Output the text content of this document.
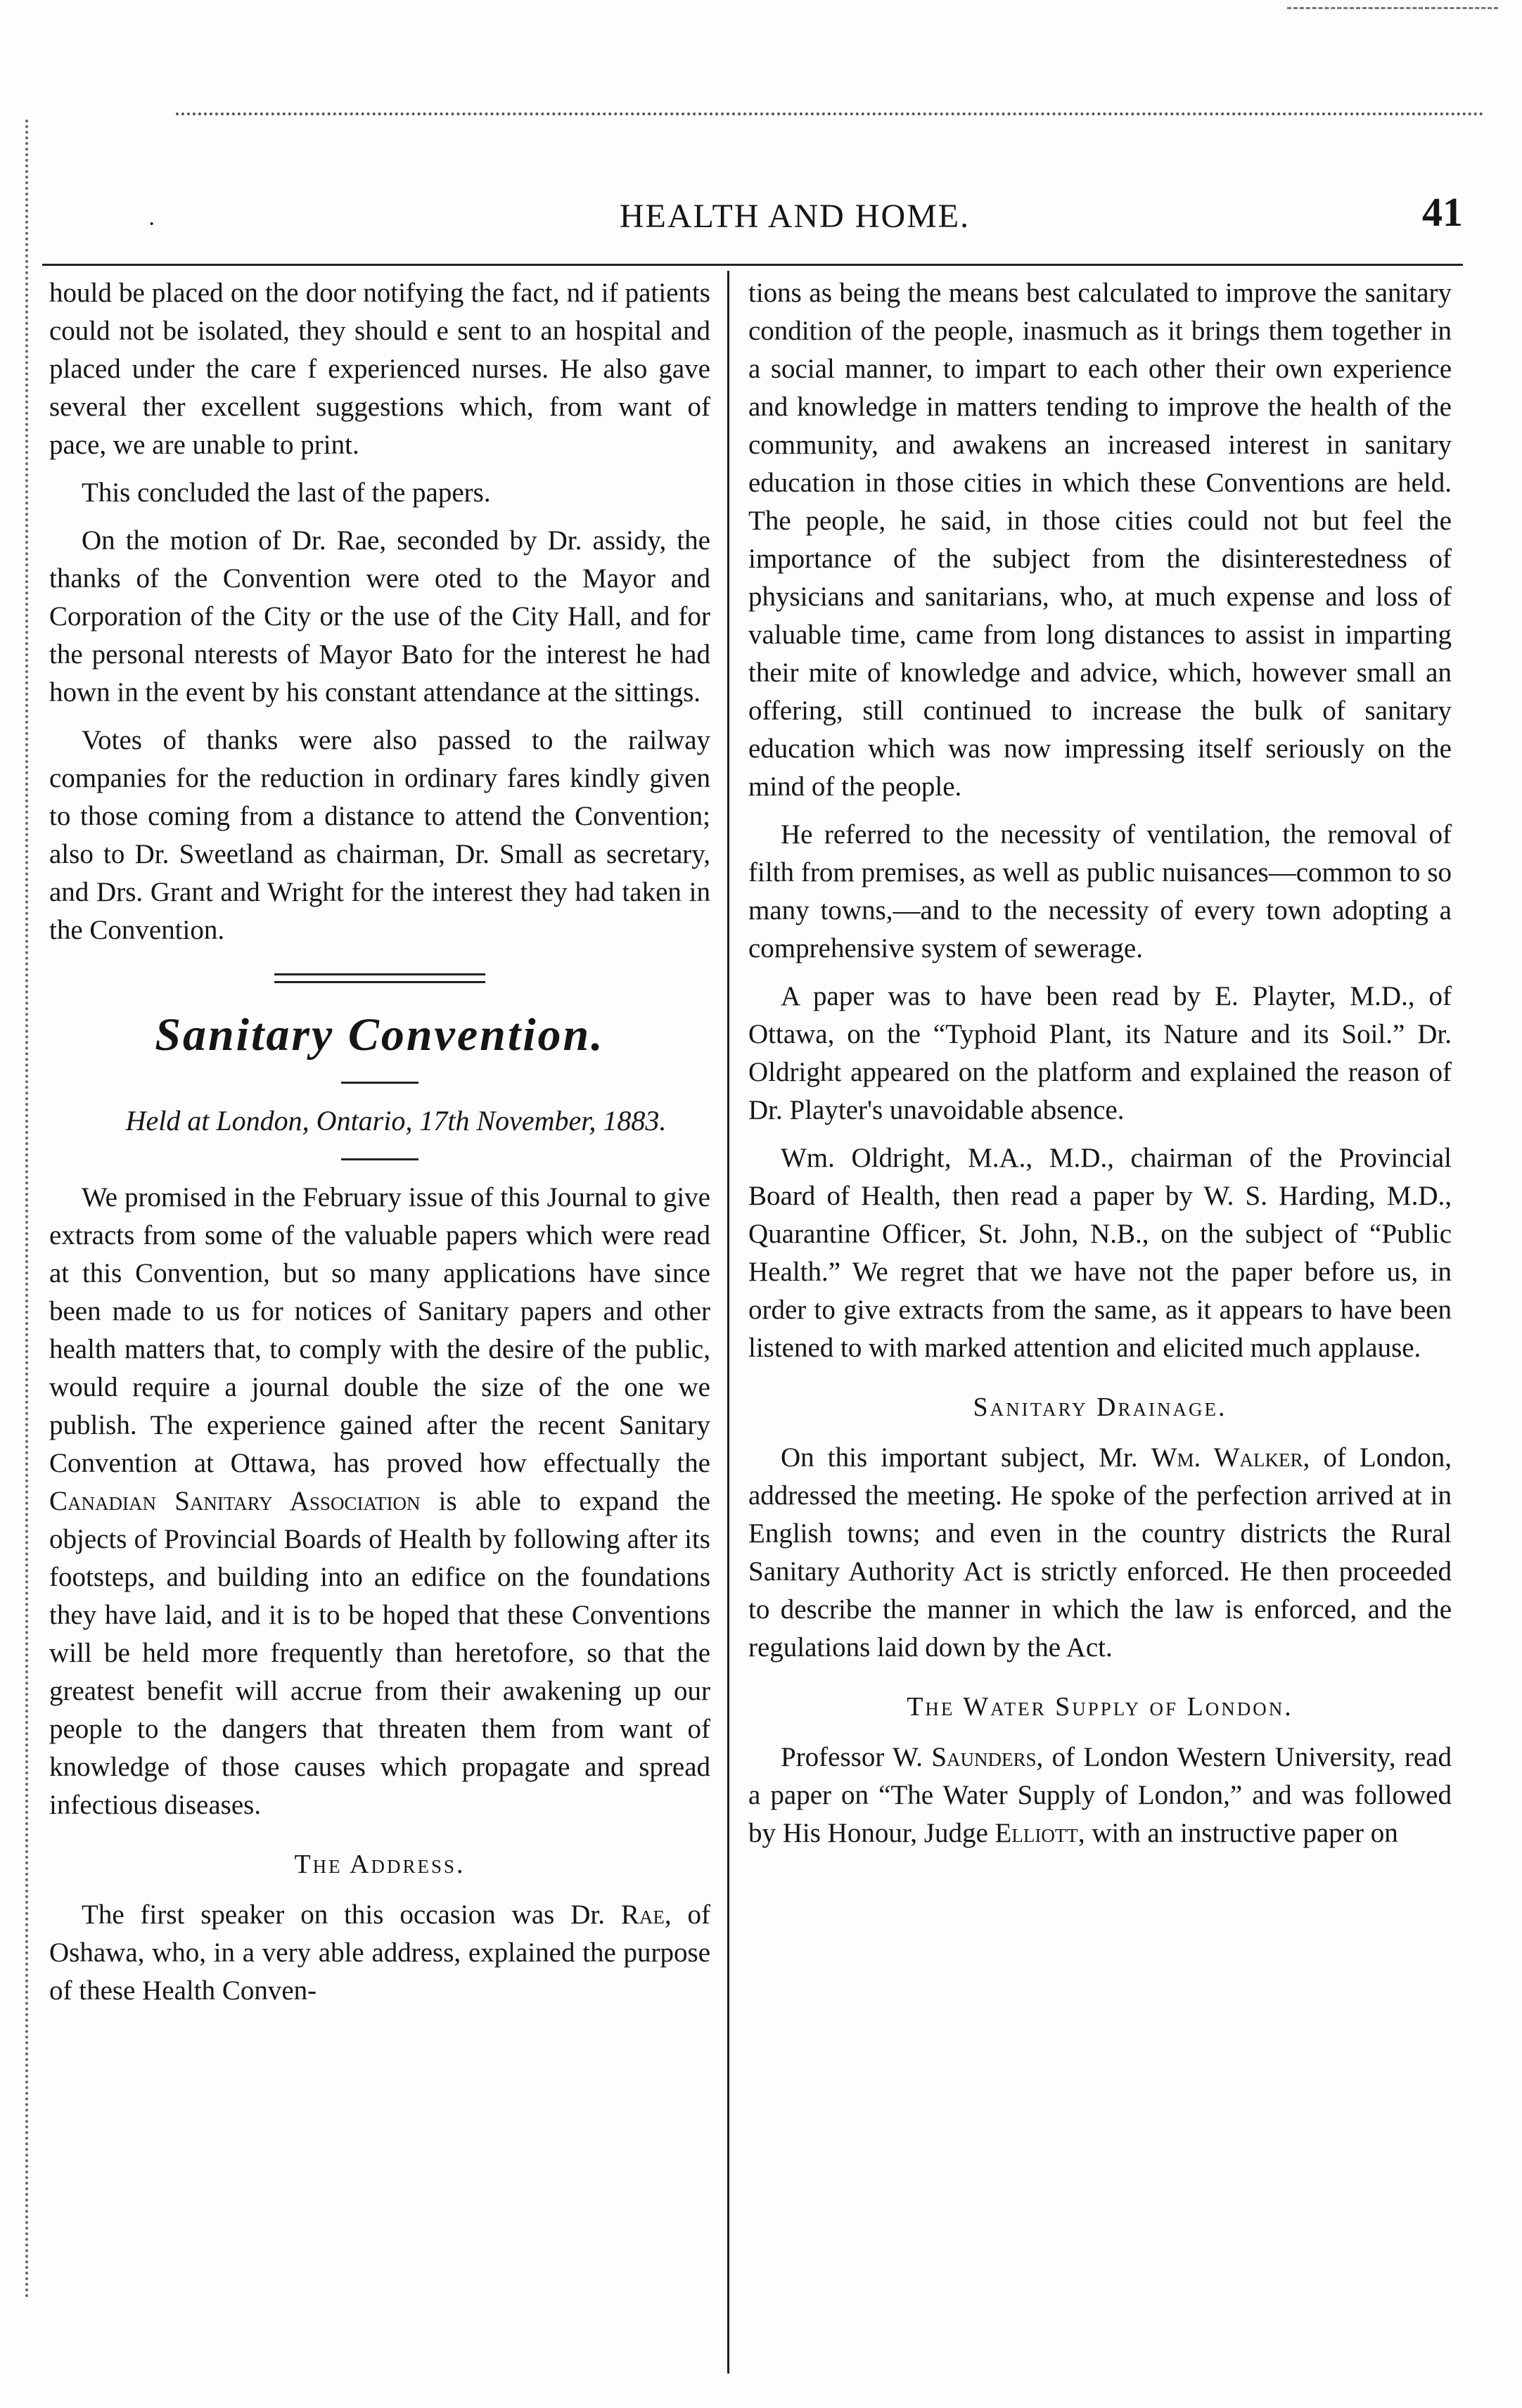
·	HEALTH AND HOME.	41

hould be placed on the door notifying the fact, nd if patients could not be isolated, they should e sent to an hospital and placed under the care f experienced nurses. He also gave several ther excellent suggestions which, from want of pace, we are unable to print.

This concluded the last of the papers.

On the motion of Dr. Rae, seconded by Dr. assidy, the thanks of the Convention were oted to the Mayor and Corporation of the City or the use of the City Hall, and for the personal nterests of Mayor Bato for the interest he had hown in the event by his constant attendance at the sittings.

Votes of thanks were also passed to the railway companies for the reduction in ordinary fares kindly given to those coming from a distance to attend the Convention; also to Dr. Sweetland as chairman, Dr. Small as secretary, and Drs. Grant and Wright for the interest they had taken in the Convention.

Sanitary Convention.

Held at London, Ontario, 17th November, 1883.

We promised in the February issue of this Journal to give extracts from some of the valuable papers which were read at this Convention, but so many applications have since been made to us for notices of Sanitary papers and other health matters that, to comply with the desire of the public, would require a journal double the size of the one we publish. The experience gained after the recent Sanitary Convention at Ottawa, has proved how effectually the Canadian Sanitary Association is able to expand the objects of Provincial Boards of Health by following after its footsteps, and building into an edifice on the foundations they have laid, and it is to be hoped that these Conventions will be held more frequently than heretofore, so that the greatest benefit will accrue from their awakening up our people to the dangers that threaten them from want of knowledge of those causes which propagate and spread infectious diseases.

The Address.

The first speaker on this occasion was Dr. Rae, of Oshawa, who, in a very able address, explained the purpose of these Health Conven-

tions as being the means best calculated to improve the sanitary condition of the people, inasmuch as it brings them together in a social manner, to impart to each other their own experience and knowledge in matters tending to improve the health of the community, and awakens an increased interest in sanitary education in those cities in which these Conventions are held. The people, he said, in those cities could not but feel the importance of the subject from the disinterestedness of physicians and sanitarians, who, at much expense and loss of valuable time, came from long distances to assist in imparting their mite of knowledge and advice, which, however small an offering, still continued to increase the bulk of sanitary education which was now impressing itself seriously on the mind of the people.

He referred to the necessity of ventilation, the removal of filth from premises, as well as public nuisances—common to so many towns,—and to the necessity of every town adopting a comprehensive system of sewerage.

A paper was to have been read by E. Playter, M.D., of Ottawa, on the “Typhoid Plant, its Nature and its Soil.” Dr. Oldright appeared on the platform and explained the reason of Dr. Playter's unavoidable absence.

Wm. Oldright, M.A., M.D., chairman of the Provincial Board of Health, then read a paper by W. S. Harding, M.D., Quarantine Officer, St. John, N.B., on the subject of “Public Health.” We regret that we have not the paper before us, in order to give extracts from the same, as it appears to have been listened to with marked attention and elicited much applause.

Sanitary Drainage.

On this important subject, Mr. Wm. Walker, of London, addressed the meeting. He spoke of the perfection arrived at in English towns; and even in the country districts the Rural Sanitary Authority Act is strictly enforced. He then proceeded to describe the manner in which the law is enforced, and the regulations laid down by the Act.

The Water Supply of London.

Professor W. Saunders, of London Western University, read a paper on “The Water Supply of London,” and was followed by His Honour, Judge Elliott, with an instructive paper on
